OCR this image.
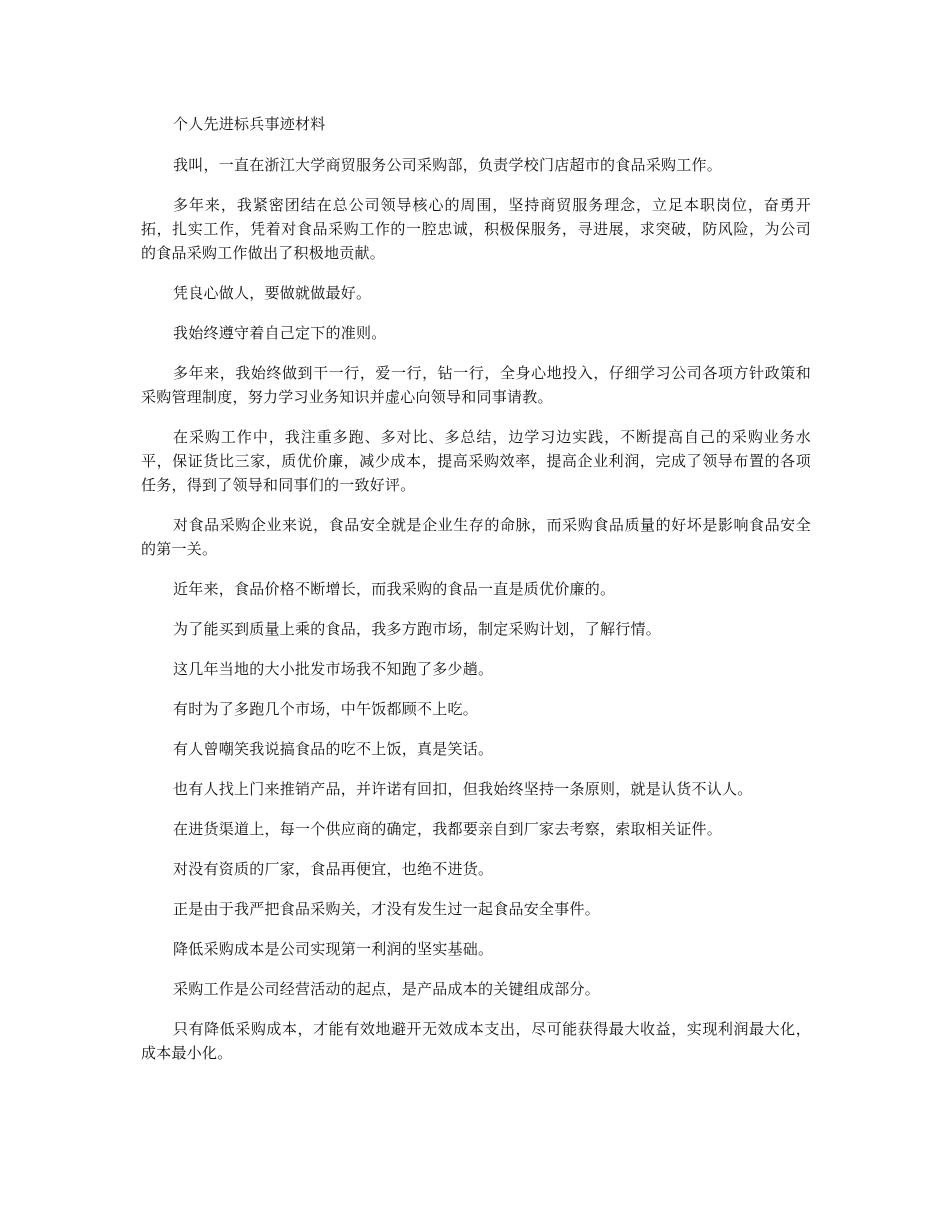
个人先进标兵事迹材料

我叫，一直在浙江大学商贸服务公司采购部，负责学校门店超市的食品采购工作。

多年来，我紧密团结在总公司领导核心的周围，坚持商贸服务理念，立足本职岗位，奋勇开拓，扎实工作，凭着对食品采购工作的一腔忠诚，积极保服务，寻进展，求突破，防风险，为公司的食品采购工作做出了积极地贡献。

凭良心做人，要做就做最好。

我始终遵守着自己定下的准则。

多年来，我始终做到干一行，爱一行，钻一行，全身心地投入，仔细学习公司各项方针政策和采购管理制度，努力学习业务知识并虚心向领导和同事请教。

在采购工作中，我注重多跑、多对比、多总结，边学习边实践，不断提高自己的采购业务水平，保证货比三家，质优价廉，减少成本，提高采购效率，提高企业利润，完成了领导布置的各项任务，得到了领导和同事们的一致好评。

对食品采购企业来说，食品安全就是企业生存的命脉，而采购食品质量的好坏是影响食品安全的第一关。

近年来，食品价格不断增长，而我采购的食品一直是质优价廉的。

为了能买到质量上乘的食品，我多方跑市场，制定采购计划，了解行情。

这几年当地的大小批发市场我不知跑了多少趟。

有时为了多跑几个市场，中午饭都顾不上吃。

有人曾嘲笑我说搞食品的吃不上饭，真是笑话。

也有人找上门来推销产品，并许诺有回扣，但我始终坚持一条原则，就是认货不认人。

在进货渠道上，每一个供应商的确定，我都要亲自到厂家去考察，索取相关证件。

对没有资质的厂家，食品再便宜，也绝不进货。

正是由于我严把食品采购关，才没有发生过一起食品安全事件。

降低采购成本是公司实现第一利润的坚实基础。

采购工作是公司经营活动的起点，是产品成本的关键组成部分。

只有降低采购成本，才能有效地避开无效成本支出，尽可能获得最大收益，实现利润最大化，成本最小化。
